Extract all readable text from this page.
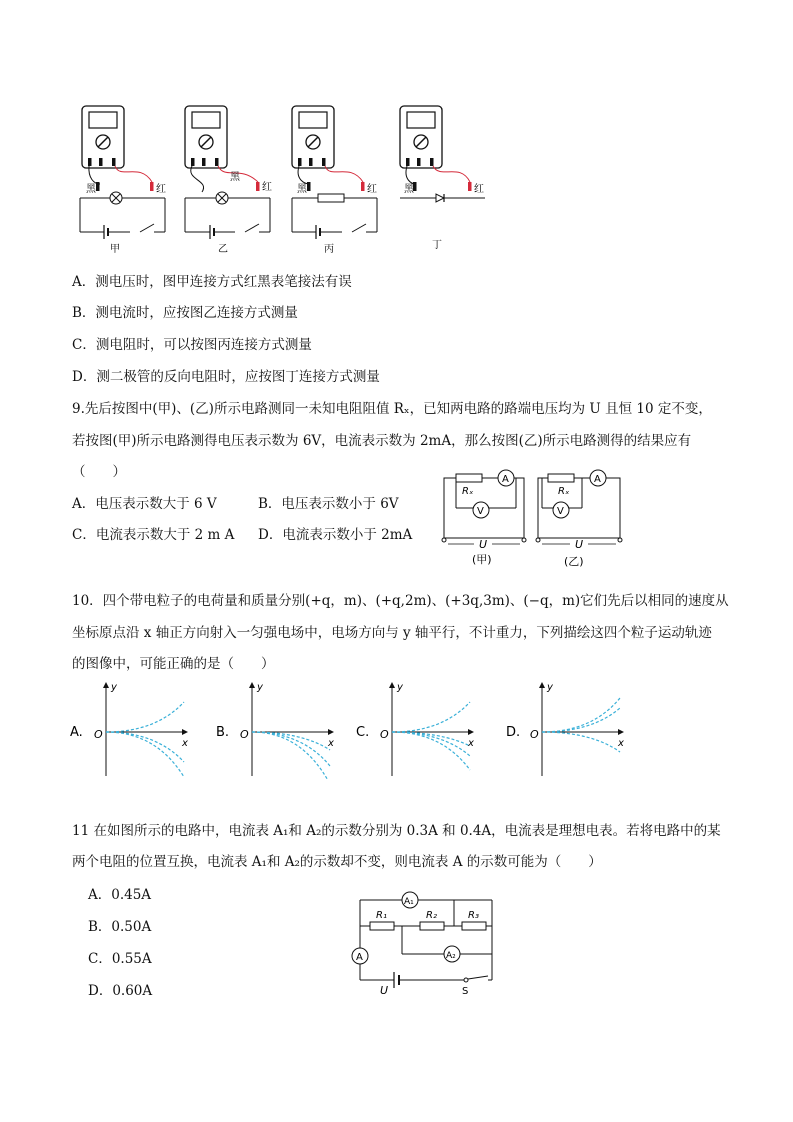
黑	红
甲
黑
红
乙
黑	红
丙
黑	红
丁
A．测电压时，图甲连接方式红黑表笔接法有误
B．测电流时，应按图乙连接方式测量
C．测电阻时，可以按图丙连接方式测量
D．测二极管的反向电阻时，应按图丁连接方式测量
9.先后按图中(甲)、(乙)所示电路测同一未知电阻阻值 Rₓ，已知两电路的路端电压均为 U 且恒 10 定不变，
若按图(甲)所示电路测得电压表示数为 6V，电流表示数为 2mA，那么按图(乙)所示电路测得的结果应有
（　　）
A．电压表示数大于 6 V	B．电压表示数小于 6V
C．电流表示数大于 2 m A D．电流表示数小于 2mA
A
V
Rₓ
U
(甲)
A
V
Rₓ
U
(乙)
10．四个带电粒子的电荷量和质量分别(+q，m)、(+q,2m)、(+3q,3m)、(−q，m)它们先后以相同的速度从
坐标原点沿 x 轴正方向射入一匀强电场中，电场方向与 y 轴平行，不计重力，下列描绘这四个粒子运动轨迹
的图像中，可能正确的是（　　）
A. O
x
y
B. O
x
y
C. O
x
y
D. O
x
y
11 在如图所示的电路中，电流表 A₁和 A₂的示数分别为 0.3A 和 0.4A，电流表是理想电表。若将电路中的某
两个电阻的位置互换，电流表 A₁和 A₂的示数却不变，则电流表 A 的示数可能为（　　）
A．0.45A
B．0.50A
C．0.55A
D．0.60A
A₁
R₁	R₂	R₃
A₂
A
U	S
